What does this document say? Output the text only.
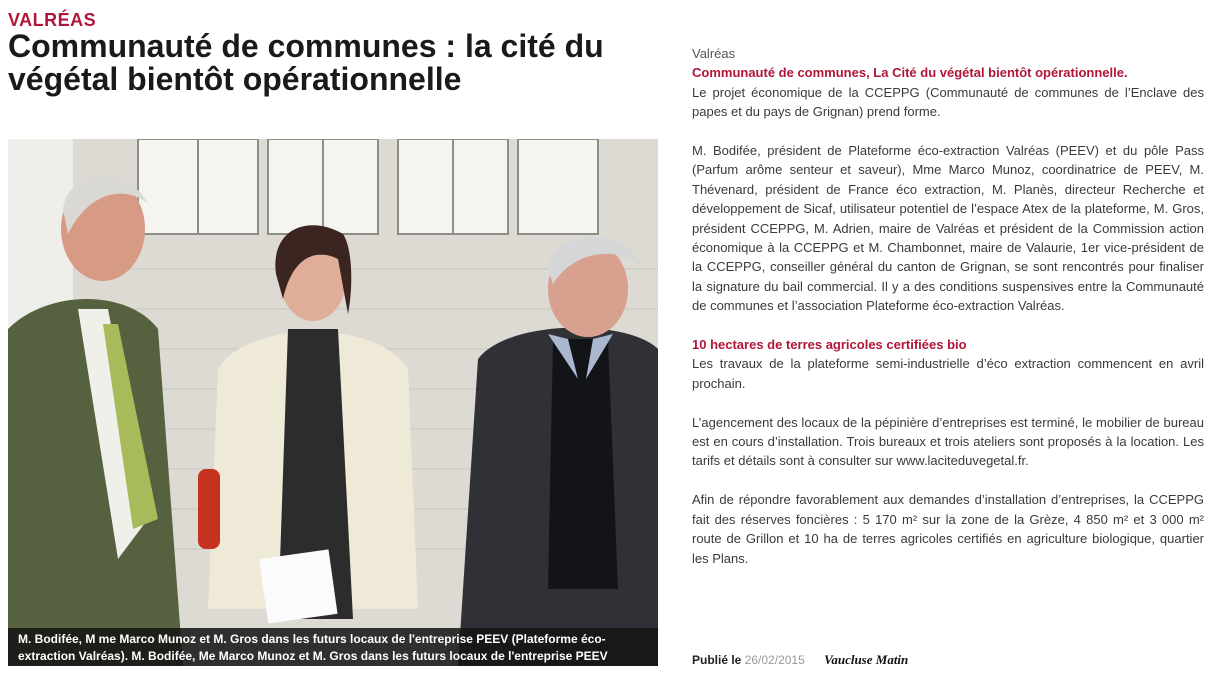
VALRÉAS
Communauté de communes : la cité du végétal bientôt opérationnelle
M. Bodifée, M me Marco Munoz et M. Gros dans les futurs locaux de l'entreprise PEEV (Plateforme éco-extraction Valréas). M. Bodifée, Me Marco Munoz et M. Gros dans les futurs locaux de l'entreprise PEEV

Valréas

Communauté de communes, La Cité du végétal bientôt opérationnelle.

Le projet économique de la CCEPPG (Communauté de communes de l’Enclave des papes et du pays de Grignan) prend forme.

M. Bodifée, président de Plateforme éco-extraction Valréas (PEEV) et du pôle Pass (Parfum arôme senteur et saveur), Mme Marco Munoz, coordinatrice de PEEV, M. Thévenard, président de France éco extraction, M. Planès, directeur Recherche et développement de Sicaf, utilisateur potentiel de l’espace Atex de la plateforme, M. Gros, président CCEPPG, M. Adrien, maire de Valréas et président de la Commission action économique à la CCEPPG et M. Chambonnet, maire de Valaurie, 1er vice-président de la CCEPPG, conseiller général du canton de Grignan, se sont rencontrés pour finaliser la signature du bail commercial. Il y a des conditions suspensives entre la Communauté de communes et l’association Plateforme éco-extraction Valréas.

10 hectares de terres agricoles certifiées bio

Les travaux de la plateforme semi-industrielle d’éco extraction commencent en avril prochain.

L’agencement des locaux de la pépinière d’entreprises est terminé, le mobilier de bureau est en cours d’installation. Trois bureaux et trois ateliers sont proposés à la location. Les tarifs et détails sont à consulter sur www.laciteduvegetal.fr.

Afin de répondre favorablement aux demandes d’installation d’entreprises, la CCEPPG fait des réserves foncières : 5 170 m² sur la zone de la Grèze, 4 850 m² et 3 000 m² route de Grillon et 10 ha de terres agricoles certifiés en agriculture biologique, quartier les Plans.

Publié le 26/02/2015 Vaucluse Matin
